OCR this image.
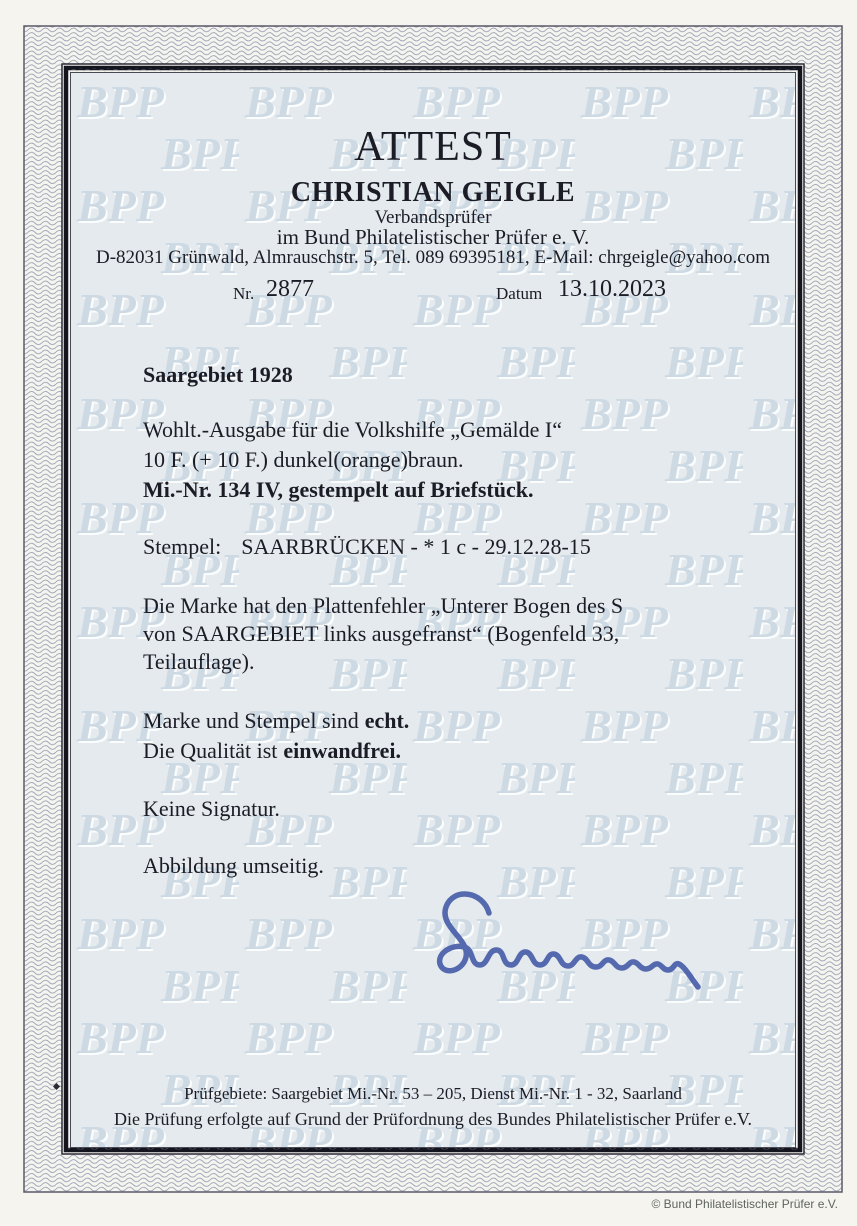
ATTEST
CHRISTIAN GEIGLE
Verbandsprüfer
im Bund Philatelistischer Prüfer e. V.
D-82031 Grünwald, Almrauschstr. 5, Tel. 089 69395181, E-Mail: chrgeigle@yahoo.com
Nr. 2877	Datum 13.10.2023
Saargebiet 1928
Wohlt.-Ausgabe für die Volkshilfe „Gemälde I“
10 F. (+ 10 F.) dunkel(orange)braun.
Mi.-Nr. 134 IV, gestempelt auf Briefstück.
Stempel: SAARBRÜCKEN - * 1 c - 29.12.28-15
Die Marke hat den Plattenfehler „Unterer Bogen des S
von SAARGEBIET links ausgefranst“ (Bogenfeld 33,
Teilauflage).
Marke und Stempel sind echt.
Die Qualität ist einwandfrei.
Keine Signatur.
Abbildung umseitig.
Prüfgebiete: Saargebiet Mi.-Nr. 53 – 205, Dienst Mi.-Nr. 1 - 32, Saarland
Die Prüfung erfolgte auf Grund der Prüfordnung des Bundes Philatelistischer Prüfer e.V.
© Bund Philatelistischer Prüfer e.V.
